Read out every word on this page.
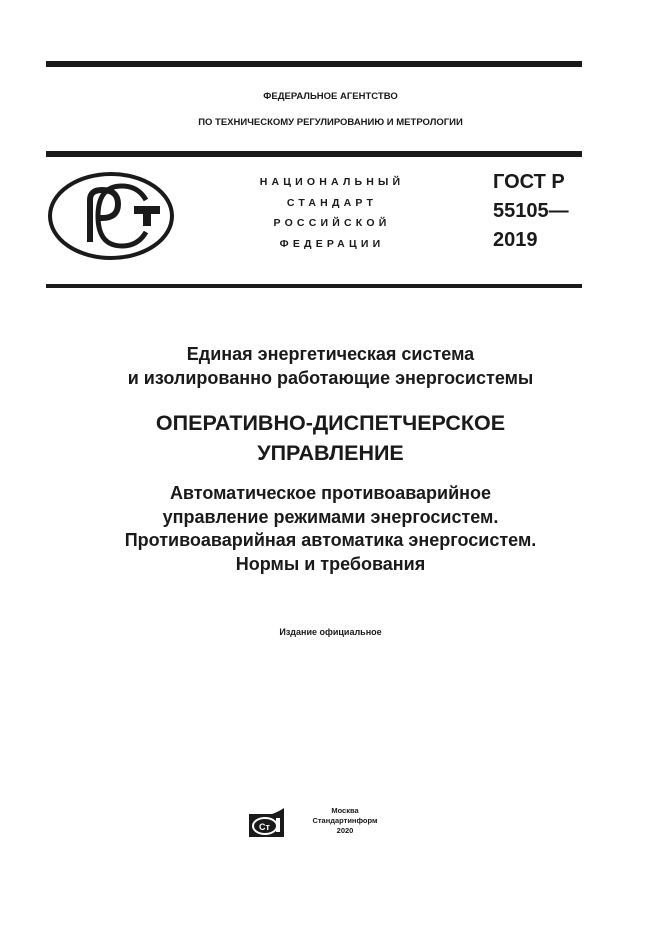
ФЕДЕРАЛЬНОЕ АГЕНТСТВО
ПО ТЕХНИЧЕСКОМУ РЕГУЛИРОВАНИЮ И МЕТРОЛОГИИ
НАЦИОНАЛЬНЫЙ
СТАНДАРТ
РОССИЙСКОЙ
ФЕДЕРАЦИИ
ГОСТ Р
55105—
2019
Единая энергетическая система
и изолированно работающие энергосистемы
ОПЕРАТИВНО-ДИСПЕТЧЕРСКОЕ
УПРАВЛЕНИЕ
Автоматическое противоаварийное
управление режимами энергосистем.
Противоаварийная автоматика энергосистем.
Нормы и требования
Издание официальное
Ст
Москва
Стандартинформ
2020
